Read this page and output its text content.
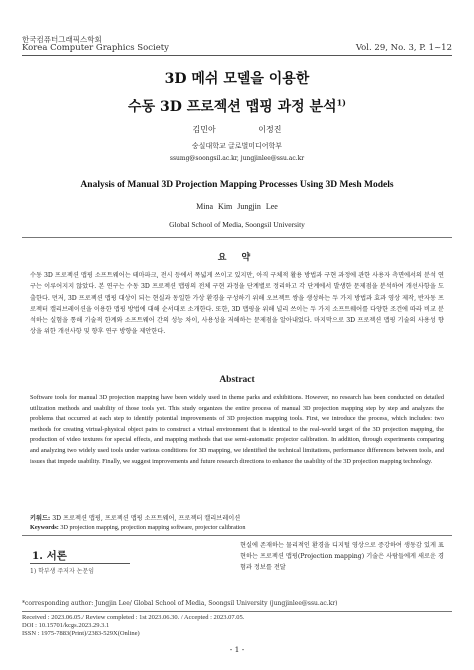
한국컴퓨터그래픽스학회
Korea Computer Graphics Society	Vol. 29, No. 3, P. 1~12
3D 메쉬 모델을 이용한
수동 3D 프로젝션 맵핑 과정 분석$^{1)}$
김민아 이정진
숭실대학교 글로벌미디어학부
ssumg@soongsil.ac.kr, jungjinlee@ssu.ac.kr
Analysis of Manual 3D Projection Mapping Processes Using 3D Mesh Models
Mina Kim Jungjin Lee
Global School of Media, Soongsil University
요 약

수동 3D 프로젝션 맵핑 소프트웨어는 테마파크, 전시 등에서 폭넓게 쓰이고 있지만, 아직 구체적 활용 방법과 구현 과정에 관한 사용자 측면에서의 분석 연구는 이루어지지 않았다. 본 연구는 수동 3D 프로젝션 맵핑의 전체 구현 과정을 단계별로 정리하고 각 단계에서 발생한 문제점을 분석하여 개선사항을 도출한다. 먼저, 3D 프로젝션 맵핑 대상이 되는 현실과 동일한 가상 환경을 구성하기 위해 오브젝트 쌍을 생성하는 두 가지 방법과 효과 영상 제작, 반자동 프로젝터 캘리브레이션을 이용한 맵핑 방법에 대해 순서대로 소개한다. 또한, 3D 맵핑을 위해 널리 쓰이는 두 가지 소프트웨어를 다양한 조건에 따라 비교 분석하는 실험을 통해 기술적 한계와 소프트웨어 간의 성능 차이, 사용성을 저해하는 문제점을 알아내었다. 마지막으로 3D 프로젝션 맵핑 기술의 사용성 향상을 위한 개선사항 및 향후 연구 방향을 제안한다.

Abstract

Software tools for manual 3D projection mapping have been widely used in theme parks and exhibitions. However, no research has been conducted on detailed utilization methods and usability of those tools yet. This study organizes the entire process of manual 3D projection mapping step by step and analyzes the problems that occurred at each step to identify potential improvements of 3D projection mapping tools. First, we introduce the process, which includes: two methods for creating virtual-physical object pairs to construct a virtual environment that is identical to the real-world target of the 3D projection mapping, the production of video textures for special effects, and mapping methods that use semi-automatic projector calibration. In addition, through experiments comparing and analyzing two widely used tools under various conditions for 3D mapping, we identified the technical limitations, performance differences between tools, and issues that impede usability. Finally, we suggest improvements and future research directions to enhance the usability of the 3D projection mapping technology.

키워드: 3D 프로젝션 맵핑, 프로젝션 맵핑 소프트웨어, 프로젝터 캘리브레이션
Keywords: 3D projection mapping, projection mapping software, projector calibration
1. 서론
1) 학부생 주저자 논문임

현실에 존재하는 물리적인 환경을 디지털 영상으로 증강하여 생동감 있게 표현하는 프로젝션 맵핑(Projection mapping) 기술은 사람들에게 새로운 경험과 정보를 전달

*corresponding author: Jungjin Lee/ Global School of Media, Soongsil University (jungjinlee@ssu.ac.kr)
Received : 2023.06.05./ Review completed : 1st 2023.06.30. / Accepted : 2023.07.05.
DOI : 10.15701/kcgs.2023.29.3.1
ISSN : 1975-7883(Print)/2383-529X(Online)
- 1 -
